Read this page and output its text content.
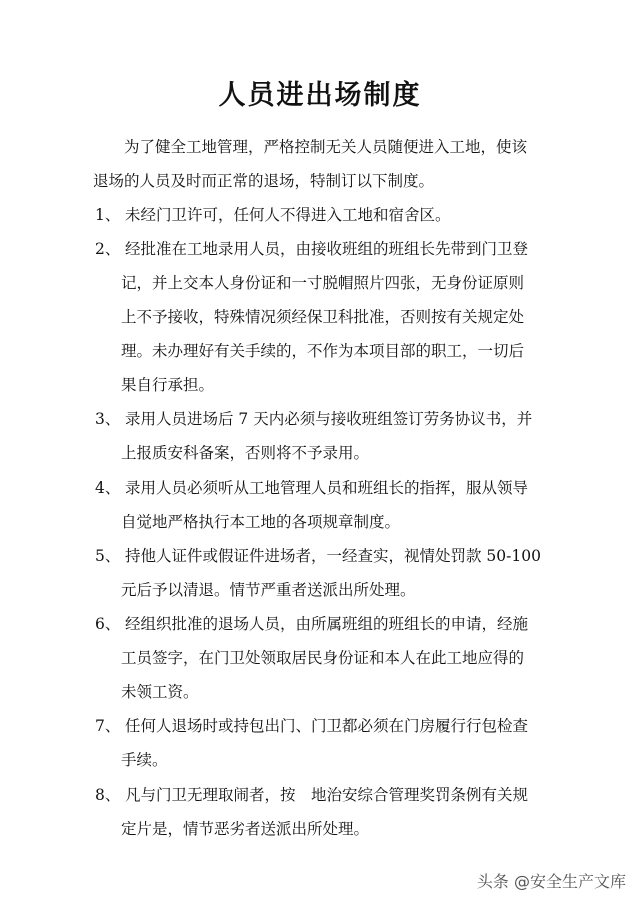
人员进出场制度
为了健全工地管理，严格控制无关人员随便进入工地，使该
退场的人员及时而正常的退场，特制订以下制度。
1、 未经门卫许可，任何人不得进入工地和宿舍区。
2、 经批准在工地录用人员，由接收班组的班组长先带到门卫登
记，并上交本人身份证和一寸脱帽照片四张，无身份证原则
上不予接收，特殊情况须经保卫科批准，否则按有关规定处
理。未办理好有关手续的，不作为本项目部的职工，一切后
果自行承担。
3、 录用人员进场后 7 天内必须与接收班组签订劳务协议书，并
上报质安科备案，否则将不予录用。
4、 录用人员必须听从工地管理人员和班组长的指挥，服从领导
自觉地严格执行本工地的各项规章制度。
5、 持他人证件或假证件进场者，一经查实，视情处罚款 50-100
元后予以清退。情节严重者送派出所处理。
6、 经组织批准的退场人员，由所属班组的班组长的申请，经施
工员签字，在门卫处领取居民身份证和本人在此工地应得的
未领工资。
7、 任何人退场时或持包出门、门卫都必须在门房履行行包检查
手续。
8、 凡与门卫无理取闹者，按　地治安综合管理奖罚条例有关规
定片是，情节恶劣者送派出所处理。
头条 @安全生产文库
